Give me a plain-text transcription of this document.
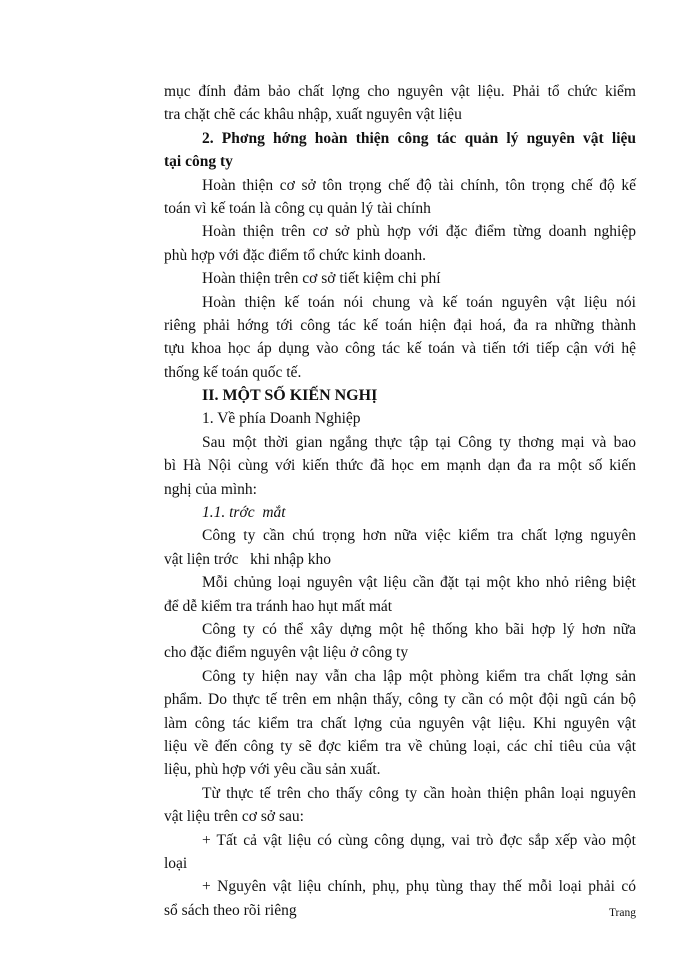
mục đính đảm bảo chất lợng cho nguyên vật liệu. Phải tổ chức kiểm
tra chặt chẽ các khâu nhập, xuất nguyên vật liệu
2. Phơng hớng hoàn thiện công tác quản lý nguyên vật liệu
tại công ty
Hoàn thiện cơ sở tôn trọng chế độ tài chính, tôn trọng chế độ kế
toán vì kế toán là công cụ quản lý tài chính
Hoàn thiện trên cơ sở phù hợp với đặc điểm từng doanh nghiệp
phù hợp với đặc điểm tổ chức kinh doanh.
Hoàn thiện trên cơ sở tiết kiệm chi phí
Hoàn thiện kế toán nói chung và kế toán nguyên vật liệu nói
riêng phải hớng tới công tác kế toán hiện đại hoá, đa ra những thành
tựu khoa học áp dụng vào công tác kế toán và tiến tới tiếp cận với hệ
thống kế toán quốc tế.
II. MỘT SỐ KIẾN NGHỊ
1. Về phía Doanh Nghiệp
Sau một thời gian ngắng thực tập tại Công ty thơng mại và bao
bì Hà Nội cùng với kiến thức đã học em mạnh dạn đa ra một số kiến
nghị của mình:
1.1. trớc  mắt
Công ty cần chú trọng hơn nữa việc kiểm tra chất lợng nguyên
vật liện trớc   khi nhập kho
Mỗi chủng loại nguyên vật liệu cần đặt tại một kho nhỏ riêng biệt
để dễ kiểm tra tránh hao hụt mất mát
Công ty có thể xây dựng một hệ thống kho bãi hợp lý hơn nữa
cho đặc điểm nguyên vật liệu ở công ty
Công ty hiện nay vẫn cha lập một phòng kiểm tra chất lợng sản
phẩm. Do thực tế trên em nhận thấy, công ty cần có một đội ngũ cán bộ
làm công tác kiểm tra chất lợng của nguyên vật liệu. Khi nguyên vật
liệu về đến công ty sẽ đợc kiểm tra về chủng loại, các chỉ tiêu của vật
liệu, phù hợp với yêu cầu sản xuất.
Từ thực tế trên cho thấy công ty cần hoàn thiện phân loại nguyên
vật liệu trên cơ sở sau:
+ Tất cả vật liệu có cùng công dụng, vai trò đợc sắp xếp vào một
loại
+ Nguyên vật liệu chính, phụ, phụ tùng thay thế mỗi loại phải có
sổ sách theo rõi riêng	Trang
